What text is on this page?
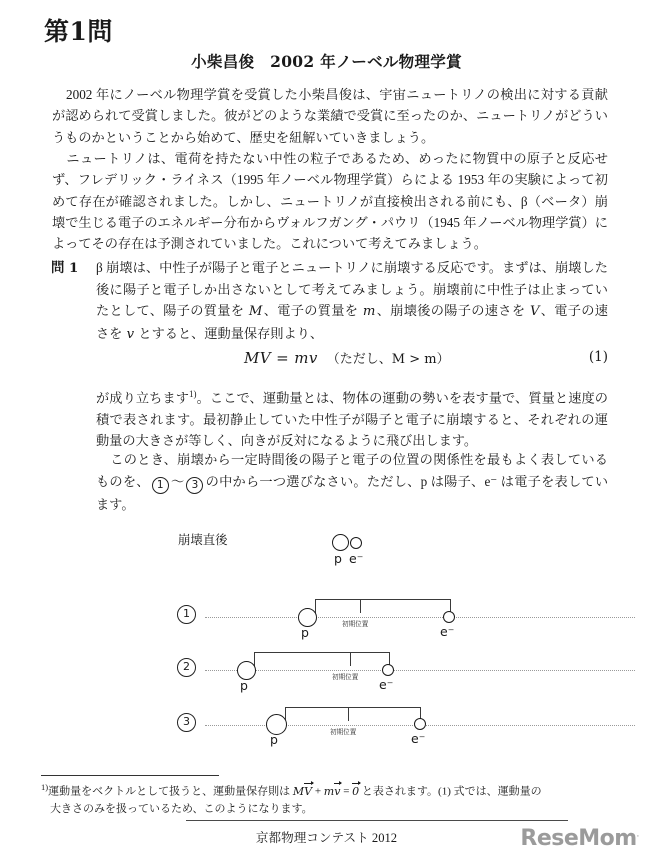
第1問
小柴昌俊　2002 年ノーベル物理学賞
2002 年にノーベル物理学賞を受賞した小柴昌俊は、宇宙ニュートリノの検出に対する貢献が認められて受賞しました。彼がどのような業績で受賞に至ったのか、ニュートリノがどういうものかということから始めて、歴史を紐解いていきましょう。
ニュートリノは、電荷を持たない中性の粒子であるため、めったに物質中の原子と反応せず、フレデリック・ライネス（1995 年ノーベル物理学賞）らによる 1953 年の実験によって初めて存在が確認されました。しかし、ニュートリノが直接検出される前にも、β（ベータ）崩壊で生じる電子のエネルギー分布からヴォルフガング・パウリ（1945 年ノーベル物理学賞）によってその存在は予測されていました。これについて考えてみましょう。
問 1 β 崩壊は、中性子が陽子と電子とニュートリノに崩壊する反応です。まずは、崩壊した後に陽子と電子しか出さないとして考えてみましょう。崩壊前に中性子は止まっていたとして、陽子の質量を M、電子の質量を m、崩壊後の陽子の速さを V、電子の速さを v とすると、運動量保存則より、
MV = mv （ただし、M > m）	(1)
が成り立ちます$^{1)}$。ここで、運動量とは、物体の運動の勢いを表す量で、質量と速度の積で表されます。最初静止していた中性子が陽子と電子に崩壊すると、それぞれの運動量の大きさが等しく、向きが反対になるように飛び出します。
このとき、崩壊から一定時間後の陽子と電子の位置の関係性を最もよく表しているものを、 1 ～ 3 の中から一つ選びなさい。ただし、p は陽子、e⁻ は電子を表しています。
崩壊直後
p e⁻
1
初期位置
p	e⁻
2
初期位置
p	e⁻
3
初期位置
p	e⁻
$^{1)}$運動量をベクトルとして扱うと、運動量保存則は M
V + m
v =
0 と表されます。(1) 式では、運動量の
大きさのみを扱っているため、このようになります。
京都物理コンテスト 2012	ReseMom.
